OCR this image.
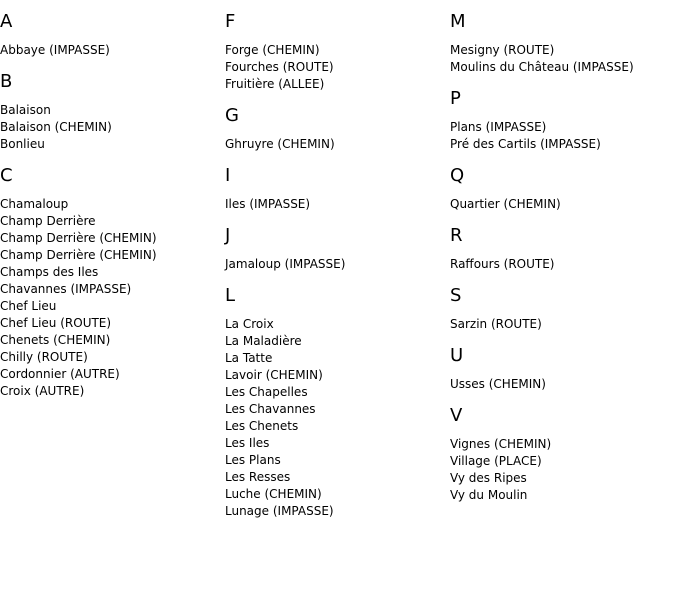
A
Abbaye (IMPASSE)
B
Balaison
Balaison (CHEMIN)
Bonlieu
C
Chamaloup
Champ Derrière
Champ Derrière (CHEMIN)
Champ Derrière (CHEMIN)
Champs des Iles
Chavannes (IMPASSE)
Chef Lieu
Chef Lieu (ROUTE)
Chenets (CHEMIN)
Chilly (ROUTE)
Cordonnier (AUTRE)
Croix (AUTRE)
F
Forge (CHEMIN)
Fourches (ROUTE)
Fruitière (ALLEE)
G
Ghruyre (CHEMIN)
I
Iles (IMPASSE)
J
Jamaloup (IMPASSE)
L
La Croix
La Maladière
La Tatte
Lavoir (CHEMIN)
Les Chapelles
Les Chavannes
Les Chenets
Les Iles
Les Plans
Les Resses
Luche (CHEMIN)
Lunage (IMPASSE)
M
Mesigny (ROUTE)
Moulins du Château (IMPASSE)
P
Plans (IMPASSE)
Pré des Cartils (IMPASSE)
Q
Quartier (CHEMIN)
R
Raffours (ROUTE)
S
Sarzin (ROUTE)
U
Usses (CHEMIN)
V
Vignes (CHEMIN)
Village (PLACE)
Vy des Ripes
Vy du Moulin
